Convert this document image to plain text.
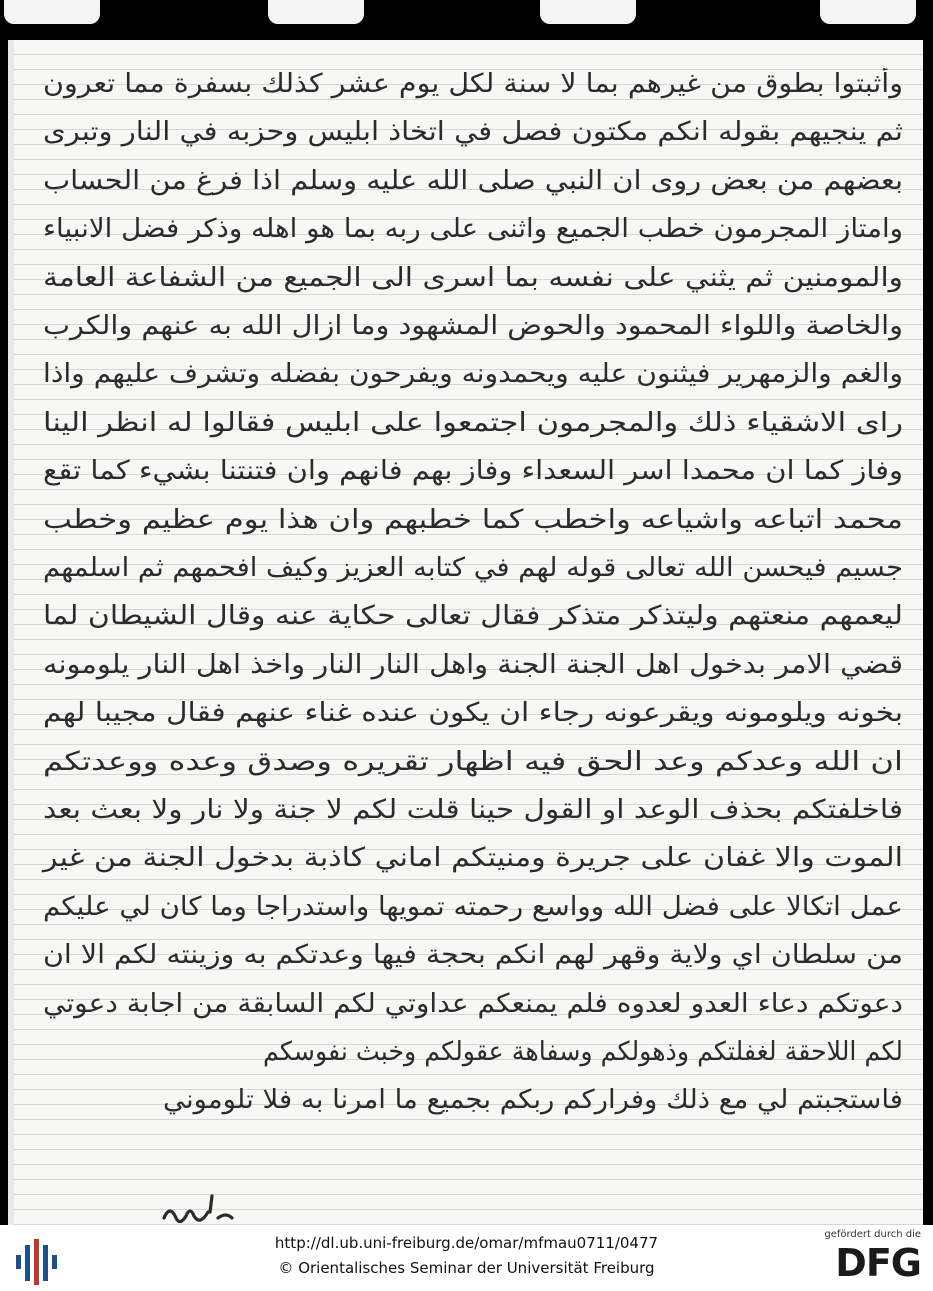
ﻭﺃﺛﺒﺘﻮﺍ ﺑﻄﻮﻕ ﻣﻦ ﻏﻴﺮﻫﻢ ﺑﻤﺎ ﻻ ﺳﻨﺔ ﻟﻜﻞ ﻳﻮﻡ ﻋﺸﺮ ﻛﺬﻟﻚ ﺑﺴﻔﺮﺓ ﻣﻤﺎ ﺗﻌﺮﻭﻥ
ﺛﻢ ﻳﻨﺠﻴﻬﻢ ﺑﻘﻮﻟﻪ ﺍﻧﻜﻢ ﻣﻜﺘﻮﻥ ﻓﺼﻞ ﻓﻲ ﺍﺗﺨﺎﺫ ﺍﺑﻠﻴﺲ ﻭﺣﺰﺑﻪ ﻓﻲ ﺍﻟﻨﺎﺭ ﻭﺗﺒﺮﻯ
ﺑﻌﻀﻬﻢ ﻣﻦ ﺑﻌﺾ ﺭﻭﻯ ﺍﻥ ﺍﻟﻨﺒﻲ ﺻﻠﻰ ﺍﻟﻠﻪ ﻋﻠﻴﻪ ﻭﺳﻠﻢ ﺍﺫﺍ ﻓﺮﻍ ﻣﻦ ﺍﻟﺤﺴﺎﺏ
ﻭﺍﻣﺘﺎﺯ ﺍﻟﻤﺠﺮﻣﻮﻥ ﺧﻄﺐ ﺍﻟﺠﻤﻴﻊ ﻭﺍﺛﻨﻰ ﻋﻠﻰ ﺭﺑﻪ ﺑﻤﺎ ﻫﻮ ﺍﻫﻠﻪ ﻭﺫﻛﺮ ﻓﻀﻞ ﺍﻻﻧﺒﻴﺎﺀ
ﻭﺍﻟﻤﻮﻣﻨﻴﻦ ﺛﻢ ﻳﺜﻨﻲ ﻋﻠﻰ ﻧﻔﺴﻪ ﺑﻤﺎ ﺍﺳﺮﻯ ﺍﻟﻰ ﺍﻟﺠﻤﻴﻊ ﻣﻦ ﺍﻟﺸﻔﺎﻋﺔ ﺍﻟﻌﺎﻣﺔ
ﻭﺍﻟﺨﺎﺻﺔ ﻭﺍﻟﻠﻮﺍﺀ ﺍﻟﻤﺤﻤﻮﺩ ﻭﺍﻟﺤﻮﺽ ﺍﻟﻤﺸﻬﻮﺩ ﻭﻣﺎ ﺍﺯﺍﻝ ﺍﻟﻠﻪ ﺑﻪ ﻋﻨﻬﻢ ﻭﺍﻟﻜﺮﺏ
ﻭﺍﻟﻐﻢ ﻭﺍﻟﺰﻣﻬﺮﻳﺮ ﻓﻴﺜﻨﻮﻥ ﻋﻠﻴﻪ ﻭﻳﺤﻤﺪﻭﻧﻪ ﻭﻳﻔﺮﺣﻮﻥ ﺑﻔﻀﻠﻪ ﻭﺗﺸﺮﻑ ﻋﻠﻴﻬﻢ ﻭﺍﺫﺍ
ﺭﺍﻯ ﺍﻻﺷﻘﻴﺎﺀ ﺫﻟﻚ ﻭﺍﻟﻤﺠﺮﻣﻮﻥ ﺍﺟﺘﻤﻌﻮﺍ ﻋﻠﻰ ﺍﺑﻠﻴﺲ ﻓﻘﺎﻟﻮﺍ ﻟﻪ ﺍﻧﻈﺮ ﺍﻟﻴﻨﺎ
ﻭﻓﺎﺯ ﻛﻤﺎ ﺍﻥ ﻣﺤﻤﺪﺍ ﺍﺳﺮ ﺍﻟﺴﻌﺪﺍﺀ ﻭﻓﺎﺯ ﺑﻬﻢ ﻓﺎﻧﻬﻢ ﻭﺍﻥ ﻓﺘﻨﺘﻨﺎ ﺑﺸﻲﺀ ﻛﻤﺎ ﺗﻘﻊ
ﻣﺤﻤﺪ ﺍﺗﺒﺎﻋﻪ ﻭﺍﺷﻴﺎﻋﻪ ﻭﺍﺧﻄﺐ ﻛﻤﺎ ﺧﻄﺒﻬﻢ ﻭﺍﻥ ﻫﺬﺍ ﻳﻮﻡ ﻋﻈﻴﻢ ﻭﺧﻄﺐ
ﺟﺴﻴﻢ ﻓﻴﺤﺴﻦ ﺍﻟﻠﻪ ﺗﻌﺎﻟﻰ ﻗﻮﻟﻪ ﻟﻬﻢ ﻓﻲ ﻛﺘﺎﺑﻪ ﺍﻟﻌﺰﻳﺰ ﻭﻛﻴﻒ ﺍﻓﺤﻤﻬﻢ ﺛﻢ ﺍﺳﻠﻤﻬﻢ
ﻟﻴﻌﻤﻬﻢ ﻣﻨﻌﺘﻬﻢ ﻭﻟﻴﺘﺬﻛﺮ ﻣﺘﺬﻛﺮ ﻓﻘﺎﻝ ﺗﻌﺎﻟﻰ ﺣﻜﺎﻳﺔ ﻋﻨﻪ ﻭﻗﺎﻝ ﺍﻟﺸﻴﻄﺎﻥ ﻟﻤﺎ
ﻗﻀﻲ ﺍﻻﻣﺮ ﺑﺪﺧﻮﻝ ﺍﻫﻞ ﺍﻟﺠﻨﺔ ﺍﻟﺠﻨﺔ ﻭﺍﻫﻞ ﺍﻟﻨﺎﺭ ﺍﻟﻨﺎﺭ ﻭﺍﺧﺬ ﺍﻫﻞ ﺍﻟﻨﺎﺭ ﻳﻠﻮﻣﻮﻧﻪ
ﺑﺨﻮﻧﻪ ﻭﻳﻠﻮﻣﻮﻧﻪ ﻭﻳﻘﺮﻋﻮﻧﻪ ﺭﺟﺎﺀ ﺍﻥ ﻳﻜﻮﻥ ﻋﻨﺪﻩ ﻏﻨﺎﺀ ﻋﻨﻬﻢ ﻓﻘﺎﻝ ﻣﺠﻴﺒﺎ ﻟﻬﻢ
ﺍﻥ ﺍﻟﻠﻪ ﻭﻋﺪﻛﻢ ﻭﻋﺪ ﺍﻟﺤﻖ ﻓﻴﻪ ﺍﻇﻬﺎﺭ ﺗﻘﺮﻳﺮﻩ ﻭﺻﺪﻕ ﻭﻋﺪﻩ ﻭﻭﻋﺪﺗﻜﻢ
ﻓﺎﺧﻠﻔﺘﻜﻢ ﺑﺤﺬﻑ ﺍﻟﻮﻋﺪ ﺍﻭ ﺍﻟﻘﻮﻝ ﺣﻴﻨﺎ ﻗﻠﺖ ﻟﻜﻢ ﻻ ﺟﻨﺔ ﻭﻻ ﻧﺎﺭ ﻭﻻ ﺑﻌﺚ ﺑﻌﺪ
ﺍﻟﻤﻮﺕ ﻭﺍﻻ ﻏﻔﺎﻥ ﻋﻠﻰ ﺟﺮﻳﺮﺓ ﻭﻣﻨﻴﺘﻜﻢ ﺍﻣﺎﻧﻲ ﻛﺎﺫﺑﺔ ﺑﺪﺧﻮﻝ ﺍﻟﺠﻨﺔ ﻣﻦ ﻏﻴﺮ
ﻋﻤﻞ ﺍﺗﻜﺎﻻ ﻋﻠﻰ ﻓﻀﻞ ﺍﻟﻠﻪ ﻭﻭﺍﺳﻊ ﺭﺣﻤﺘﻪ ﺗﻤﻮﻳﻬﺎ ﻭﺍﺳﺘﺪﺭﺍﺟﺎ ﻭﻣﺎ ﻛﺎﻥ ﻟﻲ ﻋﻠﻴﻜﻢ
ﻣﻦ ﺳﻠﻄﺎﻥ ﺍﻱ ﻭﻻﻳﺔ ﻭﻗﻬﺮ ﻟﻬﻢ ﺍﻧﻜﻢ ﺑﺤﺠﺔ ﻓﻴﻬﺎ ﻭﻋﺪﺗﻜﻢ ﺑﻪ ﻭﺯﻳﻨﺘﻪ ﻟﻜﻢ ﺍﻻ ﺍﻥ
ﺩﻋﻮﺗﻜﻢ ﺩﻋﺎﺀ ﺍﻟﻌﺪﻭ ﻟﻌﺪﻭﻩ ﻓﻠﻢ ﻳﻤﻨﻌﻜﻢ ﻋﺪﺍﻭﺗﻲ ﻟﻜﻢ ﺍﻟﺴﺎﺑﻘﺔ ﻣﻦ ﺍﺟﺎﺑﺔ ﺩﻋﻮﺗﻲ
ﻟﻜﻢ ﺍﻟﻼﺣﻘﺔ ﻟﻐﻔﻠﺘﻜﻢ ﻭﺫﻫﻮﻟﻜﻢ ﻭﺳﻔﺎﻫﺔ ﻋﻘﻮﻟﻜﻢ ﻭﺧﺒﺚ ﻧﻔﻮﺳﻜﻢ
ﻓﺎﺳﺘﺠﺒﺘﻢ ﻟﻲ ﻣﻊ ﺫﻟﻚ ﻭﻓﺮﺍﺭﻛﻢ ﺭﺑﻜﻢ ﺑﺠﻤﻴﻊ ﻣﺎ ﺍﻣﺮﻧﺎ ﺑﻪ ﻓﻼ ﺗﻠﻮﻣﻮﻧﻲ
http://dl.ub.uni-freiburg.de/omar/mfmau0711/0477
© Orientalisches Seminar der Universität Freiburg
gefördert durch die
DFG
